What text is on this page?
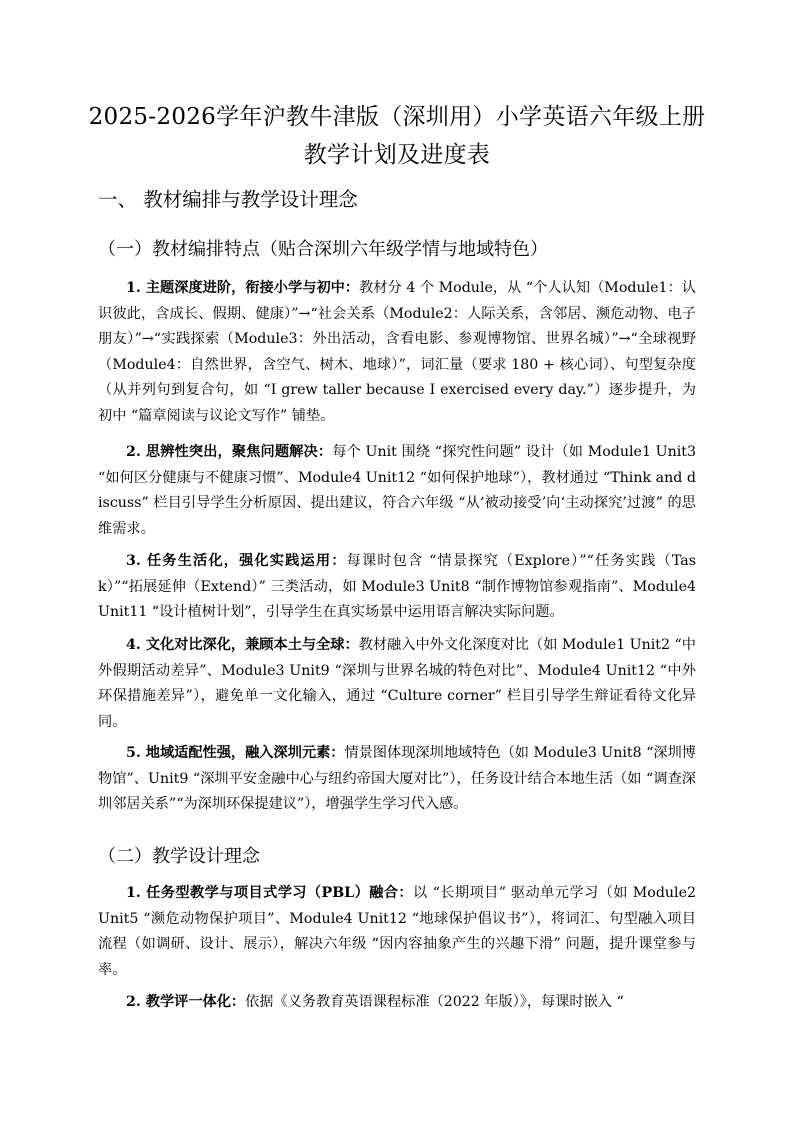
2025-2026学年沪教牛津版（深圳用）小学英语六年级上册教学计划及进度表
一、 教材编排与教学设计理念
（一）教材编排特点（贴合深圳六年级学情与地域特色）
1. 主题深度进阶，衔接小学与初中：教材分 4 个 Module，从 “个人认知（Module1：认识彼此，含成长、假期、健康）”→“社会关系（Module2：人际关系，含邻居、濒危动物、电子朋友）”→“实践探索（Module3：外出活动，含看电影、参观博物馆、世界名城）”→“全球视野（Module4：自然世界，含空气、树木、地球）”，词汇量（要求 180 + 核心词）、句型复杂度（从并列句到复合句，如 “I grew taller because I exercised every day.”）逐步提升，为初中 “篇章阅读与议论文写作” 铺垫。
2. 思辨性突出，聚焦问题解决：每个 Unit 围绕 “探究性问题” 设计（如 Module1 Unit3 “如何区分健康与不健康习惯”、Module4 Unit12 “如何保护地球”），教材通过 “Think and discuss” 栏目引导学生分析原因、提出建议，符合六年级 “从‘被动接受’向‘主动探究’过渡” 的思维需求。
3. 任务生活化，强化实践运用：每课时包含 “情景探究（Explore）”“任务实践（Task）”“拓展延伸（Extend）” 三类活动，如 Module3 Unit8 “制作博物馆参观指南”、Module4 Unit11 “设计植树计划”，引导学生在真实场景中运用语言解决实际问题。
4. 文化对比深化，兼顾本土与全球：教材融入中外文化深度对比（如 Module1 Unit2 “中外假期活动差异”、Module3 Unit9 “深圳与世界名城的特色对比”、Module4 Unit12 “中外环保措施差异”），避免单一文化输入，通过 “Culture corner” 栏目引导学生辩证看待文化异同。
5. 地域适配性强，融入深圳元素：情景图体现深圳地域特色（如 Module3 Unit8 “深圳博物馆”、Unit9 “深圳平安金融中心与纽约帝国大厦对比”），任务设计结合本地生活（如 “调查深圳邻居关系”“为深圳环保提建议”），增强学生学习代入感。
（二）教学设计理念
1. 任务型教学与项目式学习（PBL）融合：以 “长期项目” 驱动单元学习（如 Module2 Unit5 “濒危动物保护项目”、Module4 Unit12 “地球保护倡议书”），将词汇、句型融入项目流程（如调研、设计、展示），解决六年级 “因内容抽象产生的兴趣下滑” 问题，提升课堂参与率。
2. 教学评一体化：依据《义务教育英语课程标准（2022 年版）》，每课时嵌入 “
